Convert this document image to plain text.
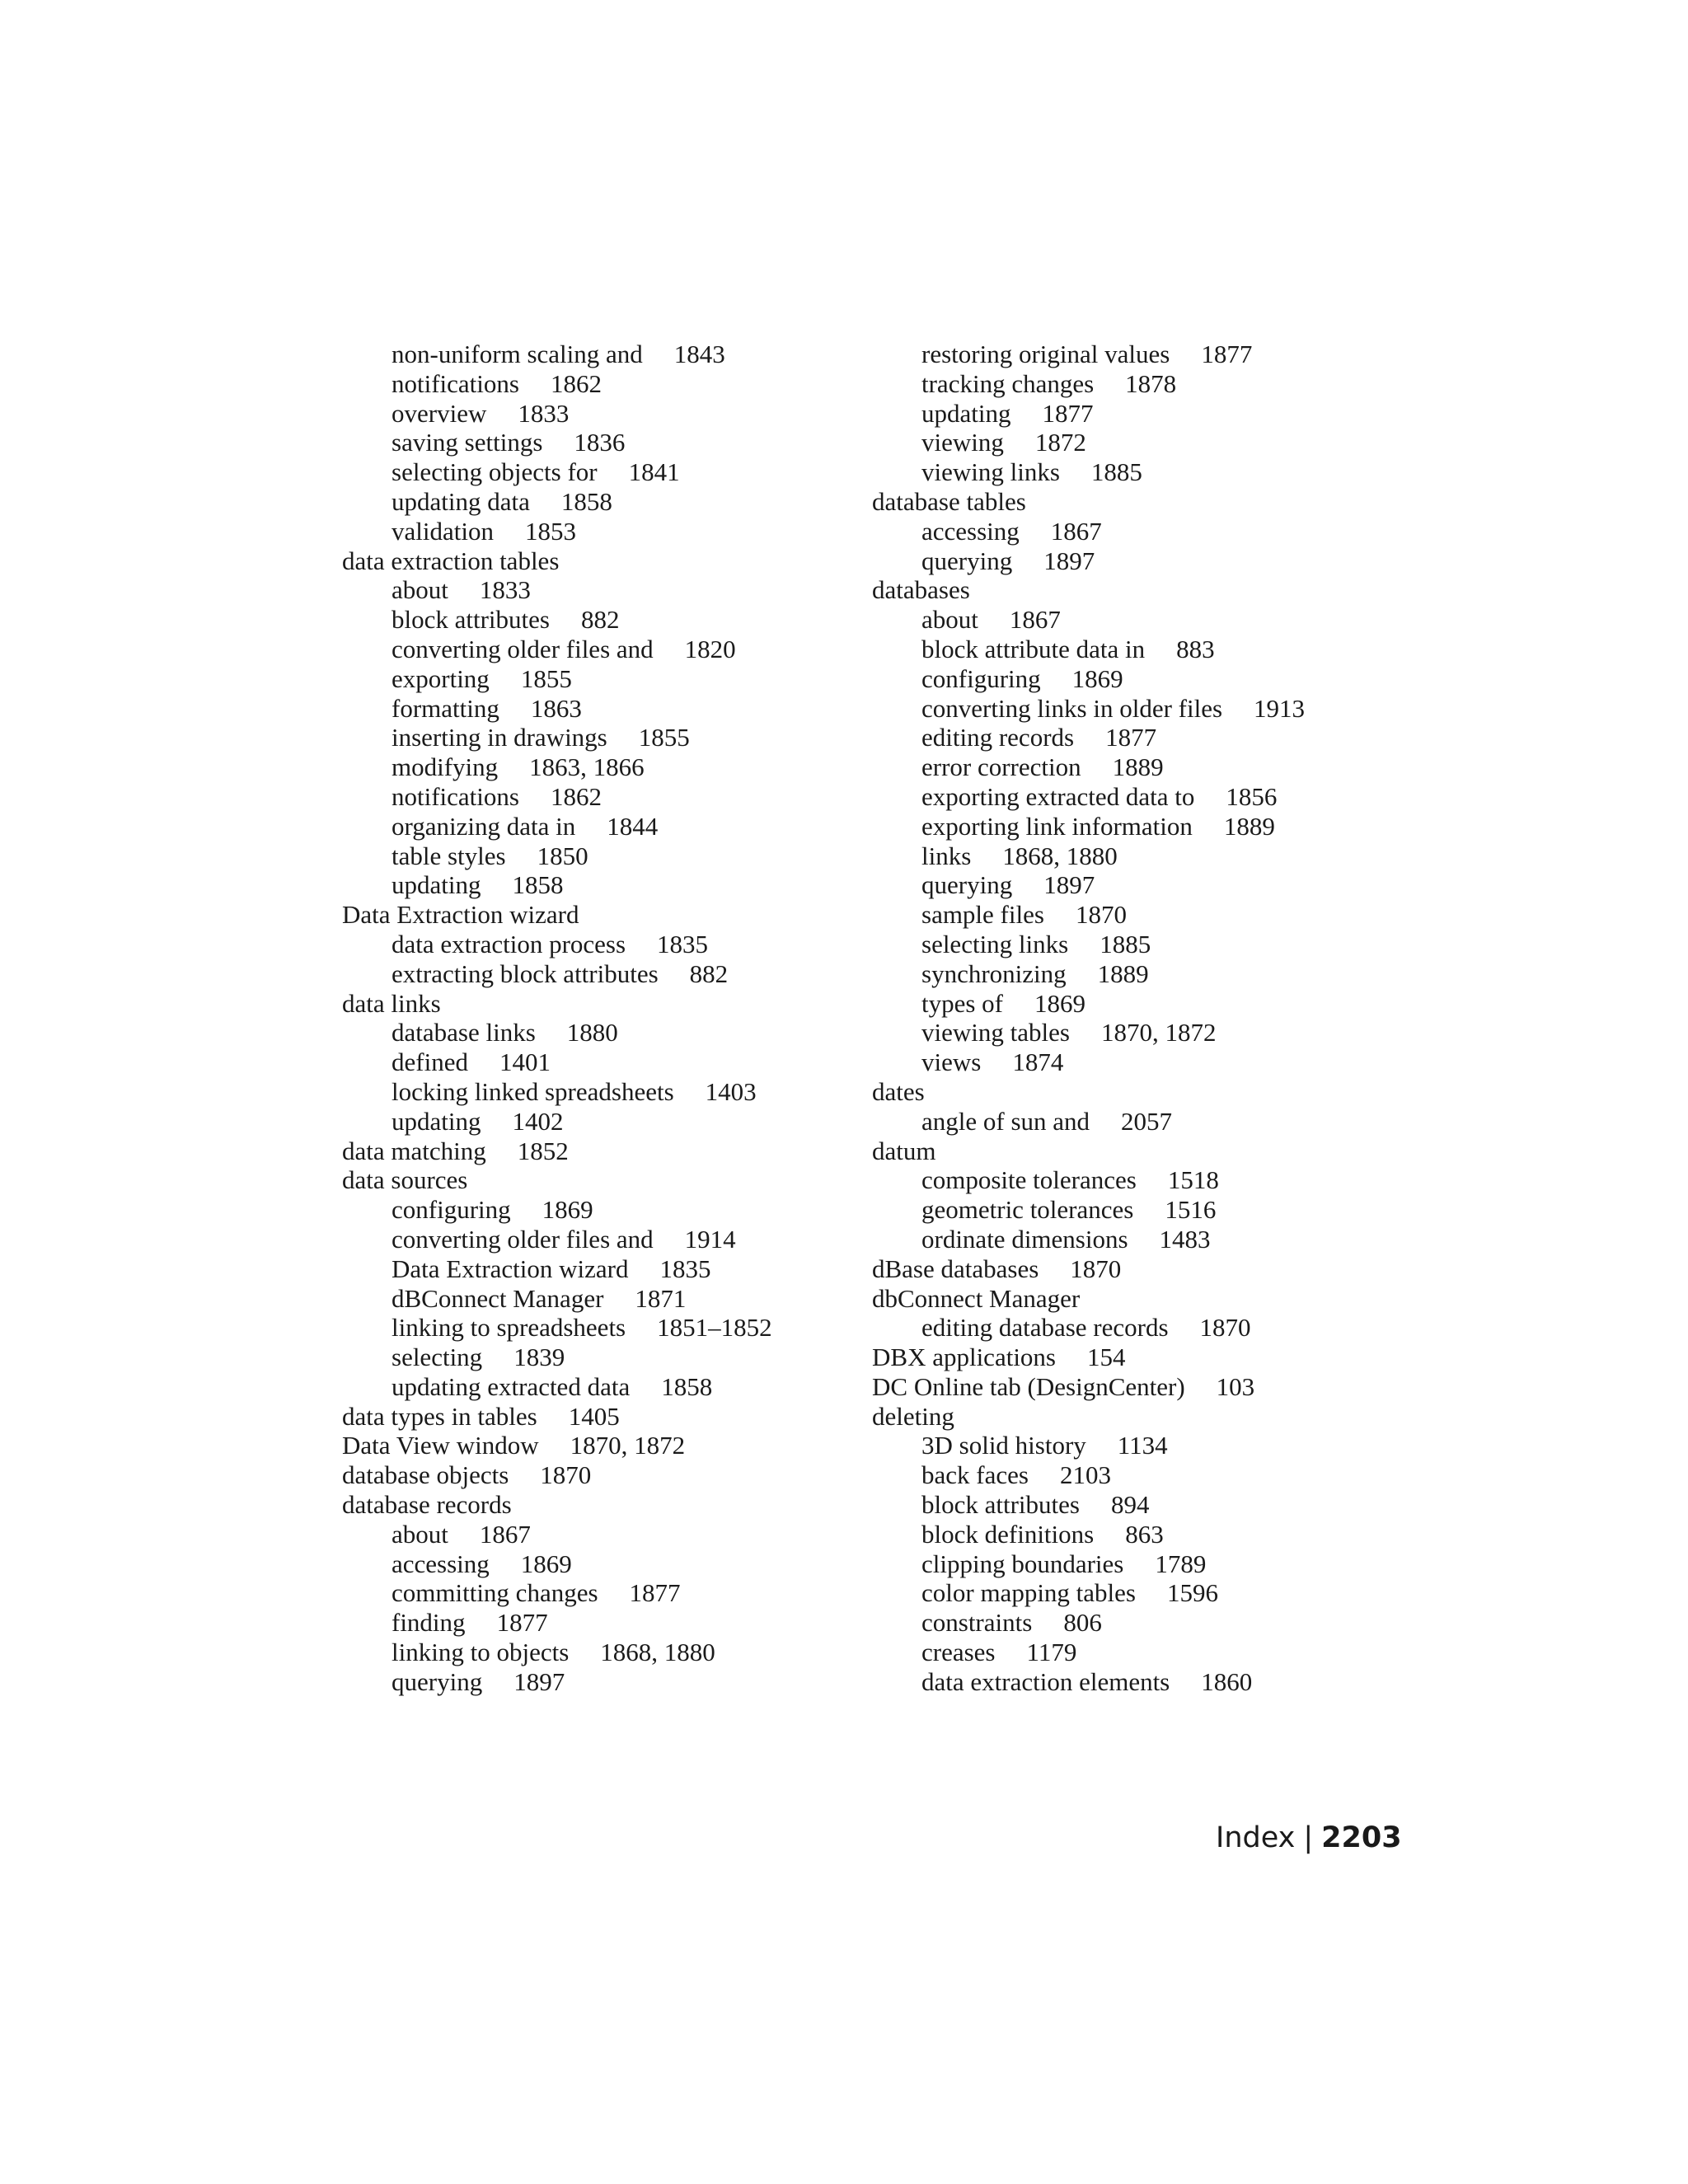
non-uniform scaling and 1843
notifications 1862
overview 1833
saving settings 1836
selecting objects for 1841
updating data 1858
validation 1853
data extraction tables
about 1833
block attributes 882
converting older files and 1820
exporting 1855
formatting 1863
inserting in drawings 1855
modifying 1863, 1866
notifications 1862
organizing data in 1844
table styles 1850
updating 1858
Data Extraction wizard
data extraction process 1835
extracting block attributes 882
data links
database links 1880
defined 1401
locking linked spreadsheets 1403
updating 1402
data matching 1852
data sources
configuring 1869
converting older files and 1914
Data Extraction wizard 1835
dBConnect Manager 1871
linking to spreadsheets 1851–1852
selecting 1839
updating extracted data 1858
data types in tables 1405
Data View window 1870, 1872
database objects 1870
database records
about 1867
accessing 1869
committing changes 1877
finding 1877
linking to objects 1868, 1880
querying 1897
restoring original values 1877
tracking changes 1878
updating 1877
viewing 1872
viewing links 1885
database tables
accessing 1867
querying 1897
databases
about 1867
block attribute data in 883
configuring 1869
converting links in older files 1913
editing records 1877
error correction 1889
exporting extracted data to 1856
exporting link information 1889
links 1868, 1880
querying 1897
sample files 1870
selecting links 1885
synchronizing 1889
types of 1869
viewing tables 1870, 1872
views 1874
dates
angle of sun and 2057
datum
composite tolerances 1518
geometric tolerances 1516
ordinate dimensions 1483
dBase databases 1870
dbConnect Manager
editing database records 1870
DBX applications 154
DC Online tab (DesignCenter) 103
deleting
3D solid history 1134
back faces 2103
block attributes 894
block definitions 863
clipping boundaries 1789
color mapping tables 1596
constraints 806
creases 1179
data extraction elements 1860
Index | 2203
